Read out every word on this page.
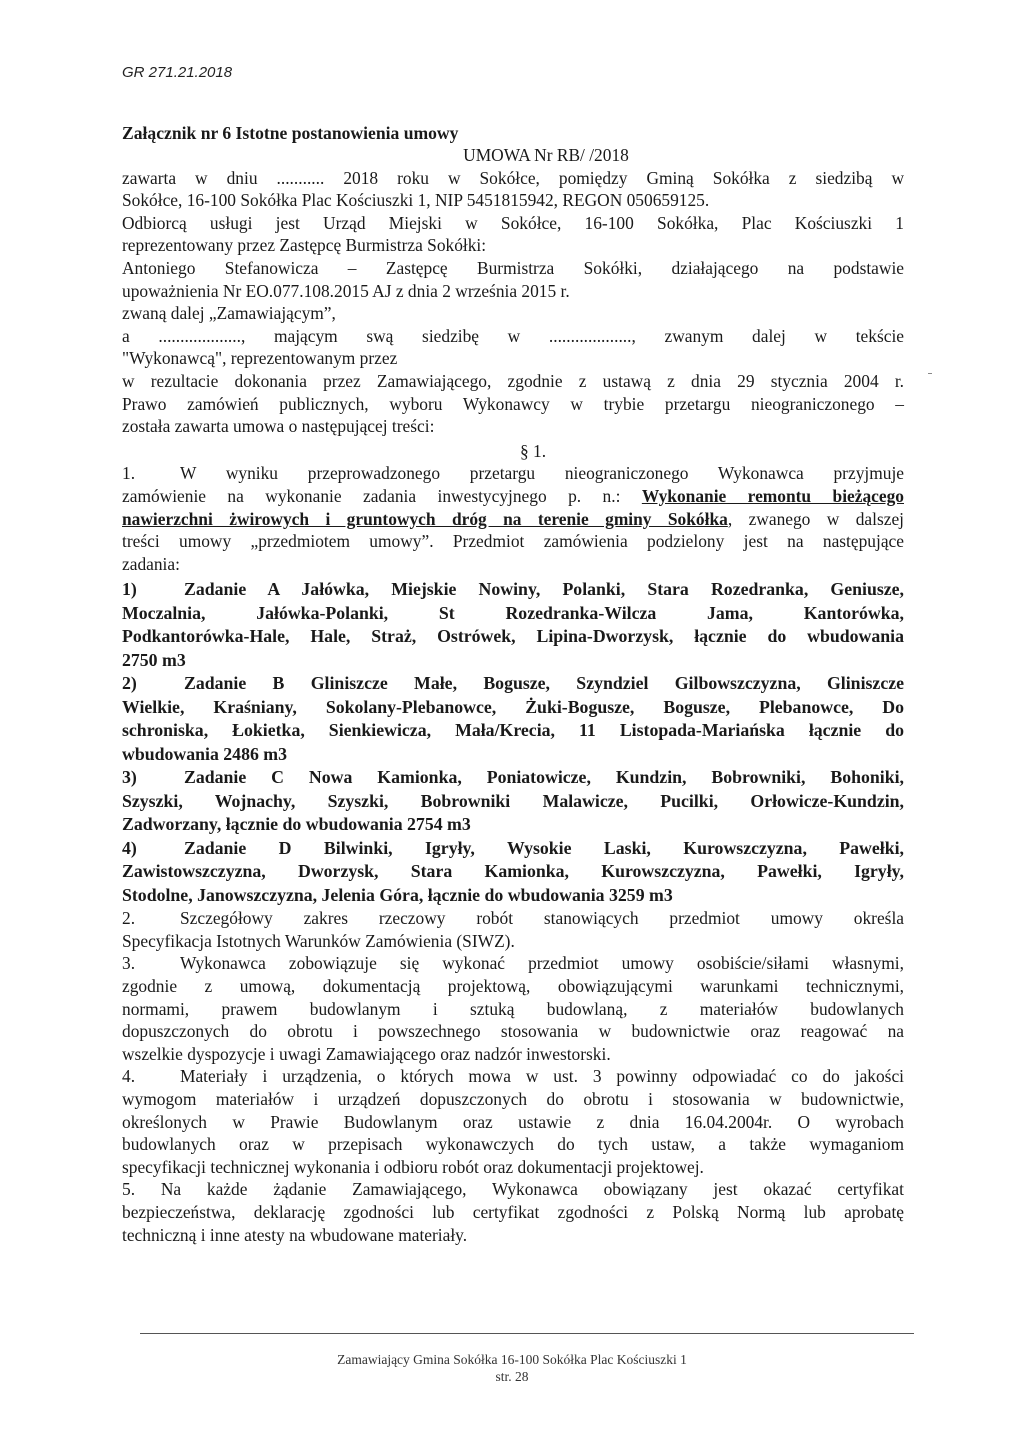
GR 271.21.2018

Załącznik nr 6 Istotne postanowienia umowy

UMOWA Nr RB/ /2018

zawarta w dniu ........... 2018 roku w Sokółce, pomiędzy Gminą Sokółka z siedzibą w

Sokółce, 16-100 Sokółka Plac Kościuszki 1, NIP 5451815942, REGON 050659125.

Odbiorcą usługi jest Urząd Miejski w Sokółce, 16-100 Sokółka, Plac Kościuszki 1

reprezentowany przez Zastępcę Burmistrza Sokółki:

Antoniego Stefanowicza – Zastępcę Burmistrza Sokółki, działającego na podstawie

upoważnienia Nr EO.077.108.2015 AJ z dnia 2 września 2015 r.

zwaną dalej „Zamawiającym”,

a ..................., mającym swą siedzibę w ..................., zwanym dalej w tekście

"Wykonawcą", reprezentowanym przez

w rezultacie dokonania przez Zamawiającego, zgodnie z ustawą z dnia 29 stycznia 2004 r.

Prawo zamówień publicznych, wyboru Wykonawcy w trybie przetargu nieograniczonego –

została zawarta umowa o następującej treści:

§ 1.

1.	W wyniku przeprowadzonego przetargu nieograniczonego Wykonawca przyjmuje

zamówienie na wykonanie zadania inwestycyjnego p. n.: Wykonanie remontu bieżącego

nawierzchni żwirowych i gruntowych dróg na terenie gminy Sokółka, zwanego w dalszej

treści umowy „przedmiotem umowy”. Przedmiot zamówienia podzielony jest na następujące

zadania:

1)	Zadanie A Jałówka, Miejskie Nowiny, Polanki, Stara Rozedranka, Geniusze,

Moczalnia, Jałówka-Polanki, St Rozedranka-Wilcza Jama, Kantorówka,

Podkantorówka-Hale, Hale, Straż, Ostrówek, Lipina-Dworzysk, łącznie do wbudowania

2750 m3

2)	Zadanie B Gliniszcze Małe, Bogusze, Szyndziel Gilbowszczyzna, Gliniszcze

Wielkie, Kraśniany, Sokolany-Plebanowce, Żuki-Bogusze, Bogusze, Plebanowce, Do

schroniska, Łokietka, Sienkiewicza, Mała/Krecia, 11 Listopada-Mariańska łącznie do

wbudowania 2486 m3

3)	Zadanie C Nowa Kamionka, Poniatowicze, Kundzin, Bobrowniki, Bohoniki,

Szyszki, Wojnachy, Szyszki, Bobrowniki Malawicze, Pucilki, Orłowicze-Kundzin,

Zadworzany, łącznie do wbudowania 2754 m3

4)	Zadanie D Bilwinki, Igryły, Wysokie Laski, Kurowszczyzna, Pawełki,

Zawistowszczyzna, Dworzysk, Stara Kamionka, Kurowszczyzna, Pawełki, Igryły,

Stodolne, Janowszczyzna, Jelenia Góra, łącznie do wbudowania 3259 m3

2.	Szczegółowy zakres rzeczowy robót stanowiących przedmiot umowy określa

Specyfikacja Istotnych Warunków Zamówienia (SIWZ).

3.	Wykonawca zobowiązuje się wykonać przedmiot umowy osobiście/siłami własnymi,

zgodnie z umową, dokumentacją projektową, obowiązującymi warunkami technicznymi,

normami, prawem budowlanym i sztuką budowlaną, z materiałów budowlanych

dopuszczonych do obrotu i powszechnego stosowania w budownictwie oraz reagować na

wszelkie dyspozycje i uwagi Zamawiającego oraz nadzór inwestorski.

4.	Materiały i urządzenia, o których mowa w ust. 3 powinny odpowiadać co do jakości

wymogom materiałów i urządzeń dopuszczonych do obrotu i stosowania w budownictwie,

określonych w Prawie Budowlanym oraz ustawie z dnia 16.04.2004r. O wyrobach

budowlanych oraz w przepisach wykonawczych do tych ustaw, a także wymaganiom

specyfikacji technicznej wykonania i odbioru robót oraz dokumentacji projektowej.

5. Na każde żądanie Zamawiającego, Wykonawca obowiązany jest okazać certyfikat

bezpieczeństwa, deklarację zgodności lub certyfikat zgodności z Polską Normą lub aprobatę

techniczną i inne atesty na wbudowane materiały.

Zamawiający Gmina Sokółka 16-100 Sokółka Plac Kościuszki 1
str. 28
